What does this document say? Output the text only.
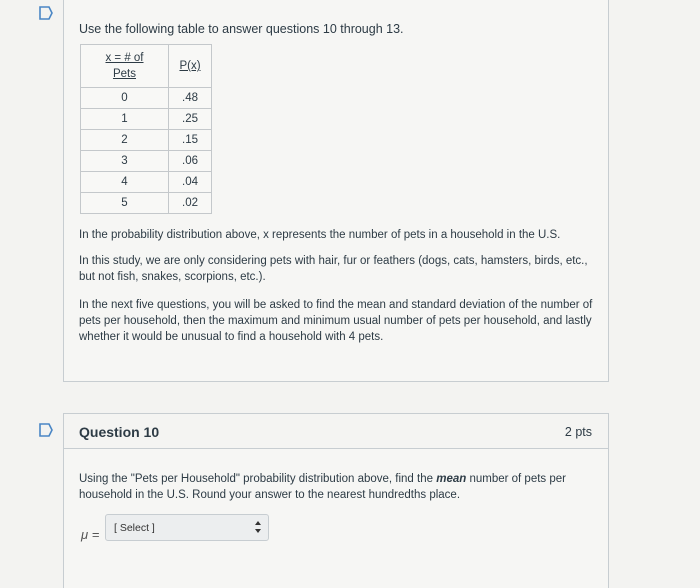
Use the following table to answer questions 10 through 13.
x = # of
Pets	P(x)
0	.48
1	.25
2	.15
3	.06
4	.04
5	.02

In the probability distribution above, x represents the number of pets in a household in the U.S.

In this study, we are only considering pets with hair, fur or feathers (dogs, cats, hamsters, birds, etc., but not fish, snakes, scorpions, etc.).

In the next five questions, you will be asked to find the mean and standard deviation of the number of pets per household, then the maximum and minimum usual number of pets per household, and lastly whether it would be unusual to find a household with 4 pets.

Question 10	2 pts

Using the "Pets per Household" probability distribution above, find the mean number of pets per household in the U.S. Round your answer to the nearest hundredths place.

μ = [ Select ]
